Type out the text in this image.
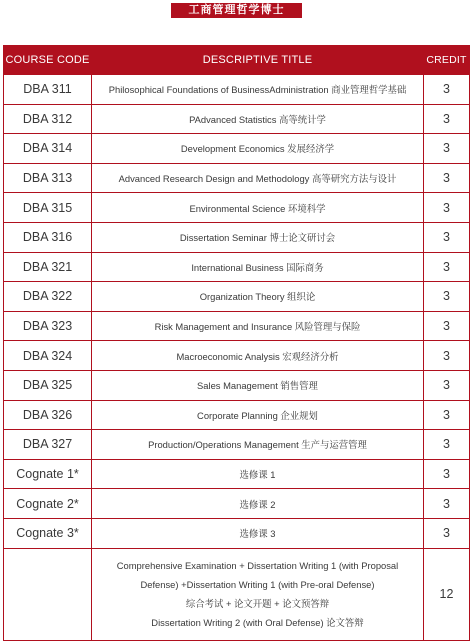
工商管理哲学博士
COURSE CODE	DESCRIPTIVE TITLE	CREDIT
DBA 311	Philosophical Foundations of BusinessAdministration 商业管理哲学基础	3
DBA 312	PAdvanced Statistics 高等统计学	3
DBA 314	Development Economics 发展经济学	3
DBA 313	Advanced Research Design and Methodology 高等研究方法与设计	3
DBA 315	Environmental Science 环境科学	3
DBA 316	Dissertation Seminar 博士论文研讨会	3
DBA 321	International Business 国际商务	3
DBA 322	Organization Theory 组织论	3
DBA 323	Risk Management and Insurance 风险管理与保险	3
DBA 324	Macroeconomic Analysis 宏观经济分析	3
DBA 325	Sales Management 销售管理	3
DBA 326	Corporate Planning 企业规划	3
DBA 327	Production/Operations Management 生产与运营管理	3
Cognate 1*	选修课 1	3
Cognate 2*	选修课 2	3
Cognate 3*	选修课 3	3

	Comprehensive Examination + Dissertation Writing 1 (with Proposal
Defense) +Dissertation Writing 1 (with Pre-oral Defense)
综合考试 + 论文开题 + 论文预答辩
Dissertation Writing 2 (with Oral Defense) 论文答辩	12
